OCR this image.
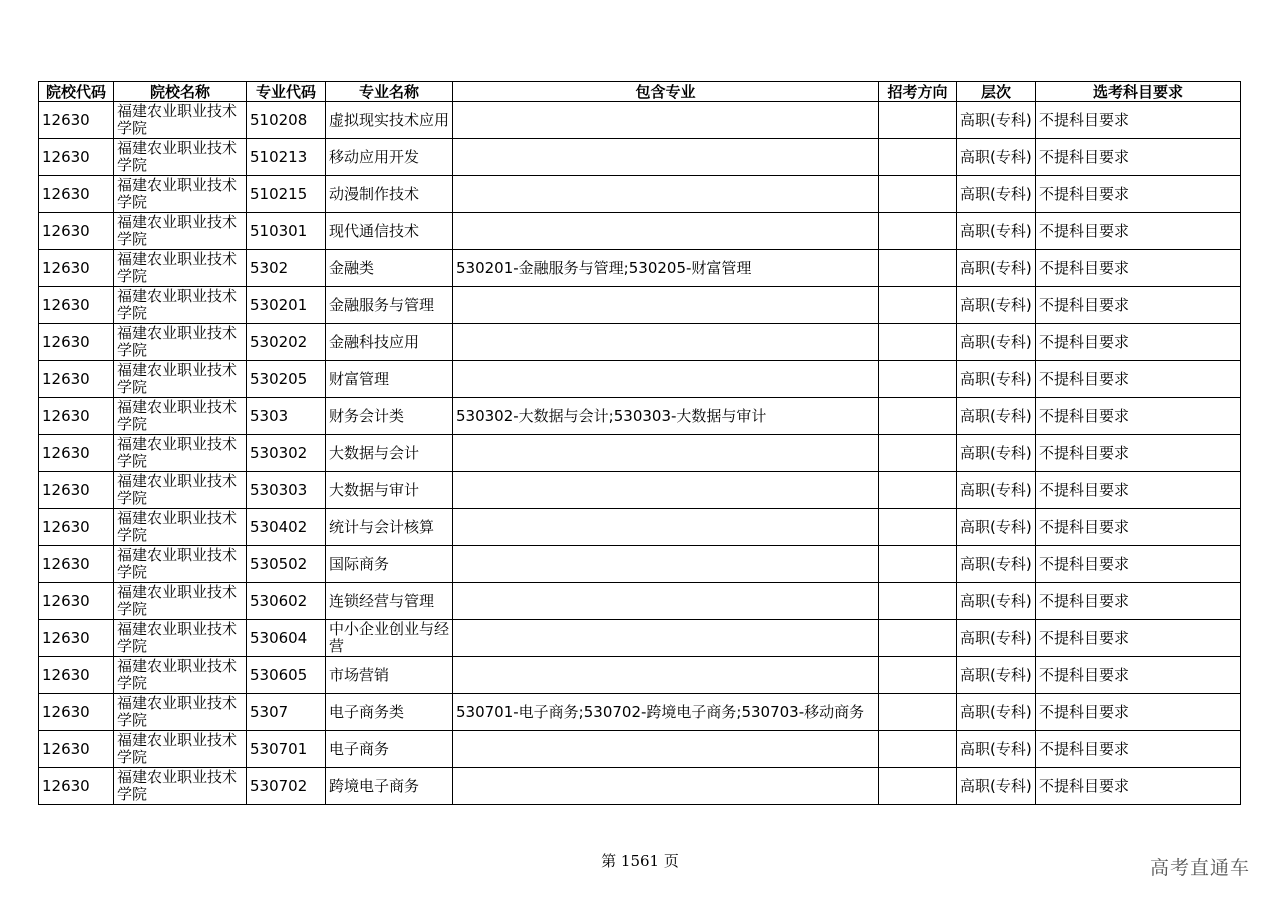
院校代码	院校名称	专业代码	专业名称	包含专业	招考方向	层次	选考科目要求
12630	福建农业职业技术学院	510208	虚拟现实技术应用			高职(专科)	不提科目要求
12630	福建农业职业技术学院	510213	移动应用开发			高职(专科)	不提科目要求
12630	福建农业职业技术学院	510215	动漫制作技术			高职(专科)	不提科目要求
12630	福建农业职业技术学院	510301	现代通信技术			高职(专科)	不提科目要求
12630	福建农业职业技术学院	5302	金融类	530201-金融服务与管理;530205-财富管理		高职(专科)	不提科目要求
12630	福建农业职业技术学院	530201	金融服务与管理			高职(专科)	不提科目要求
12630	福建农业职业技术学院	530202	金融科技应用			高职(专科)	不提科目要求
12630	福建农业职业技术学院	530205	财富管理			高职(专科)	不提科目要求
12630	福建农业职业技术学院	5303	财务会计类	530302-大数据与会计;530303-大数据与审计		高职(专科)	不提科目要求
12630	福建农业职业技术学院	530302	大数据与会计			高职(专科)	不提科目要求
12630	福建农业职业技术学院	530303	大数据与审计			高职(专科)	不提科目要求
12630	福建农业职业技术学院	530402	统计与会计核算			高职(专科)	不提科目要求
12630	福建农业职业技术学院	530502	国际商务			高职(专科)	不提科目要求
12630	福建农业职业技术学院	530602	连锁经营与管理			高职(专科)	不提科目要求
12630	福建农业职业技术学院	530604	中小企业创业与经营			高职(专科)	不提科目要求
12630	福建农业职业技术学院	530605	市场营销			高职(专科)	不提科目要求
12630	福建农业职业技术学院	5307	电子商务类	530701-电子商务;530702-跨境电子商务;530703-移动商务		高职(专科)	不提科目要求
12630	福建农业职业技术学院	530701	电子商务			高职(专科)	不提科目要求
12630	福建农业职业技术学院	530702	跨境电子商务			高职(专科)	不提科目要求
第 1561 页	高考直通车
